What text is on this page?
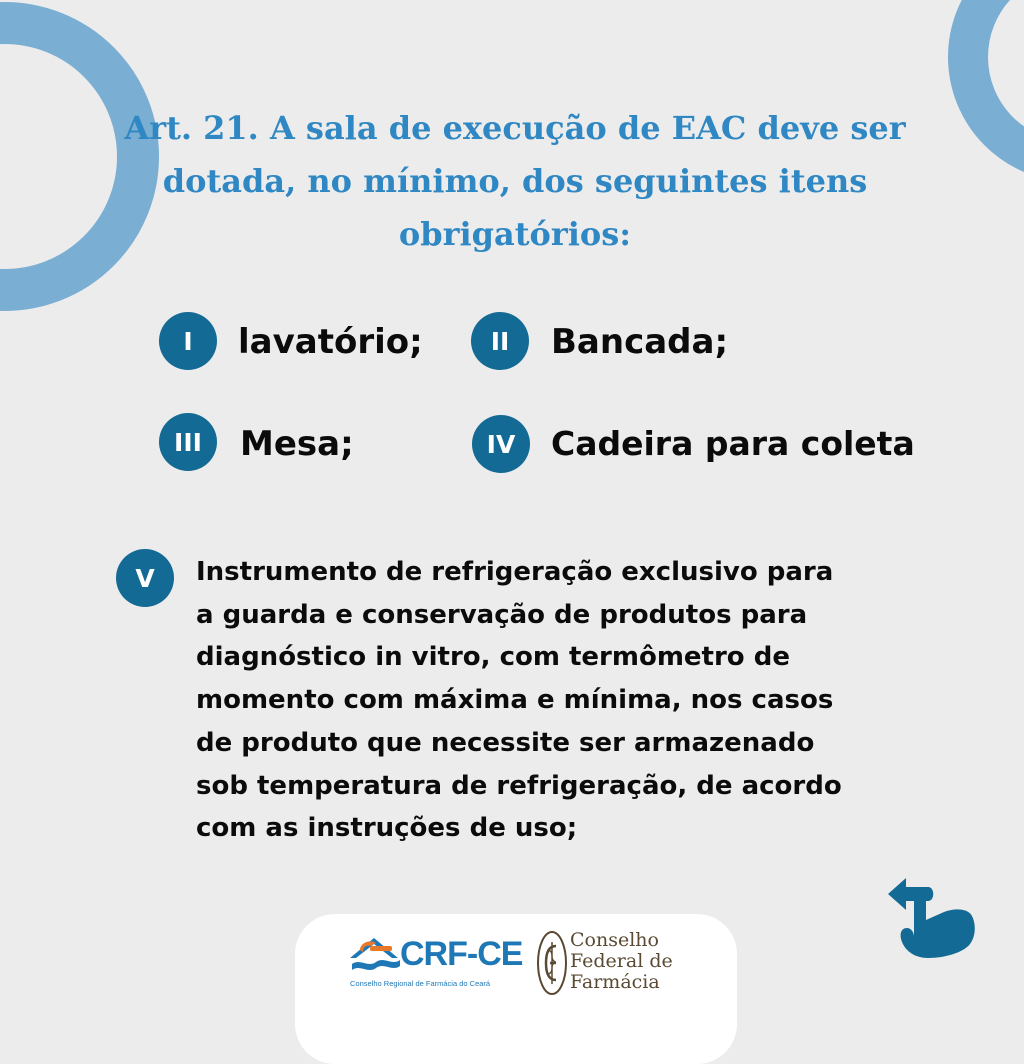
Art. 21. A sala de execução de EAC deve ser dotada, no mínimo, dos seguintes itens obrigatórios:
I	lavatório;	II	Bancada;
III	Mesa;	IV	Cadeira para coleta
V	Instrumento de refrigeração exclusivo para
a guarda e conservação de produtos para
diagnóstico in vitro, com termômetro de
momento com máxima e mínima, nos casos
de produto que necessite ser armazenado
sob temperatura de refrigeração, de acordo
com as instruções de uso;
CRF-CE
Conselho Regional de Farmácia do Ceará
Conselho
Federal de
Farmácia
